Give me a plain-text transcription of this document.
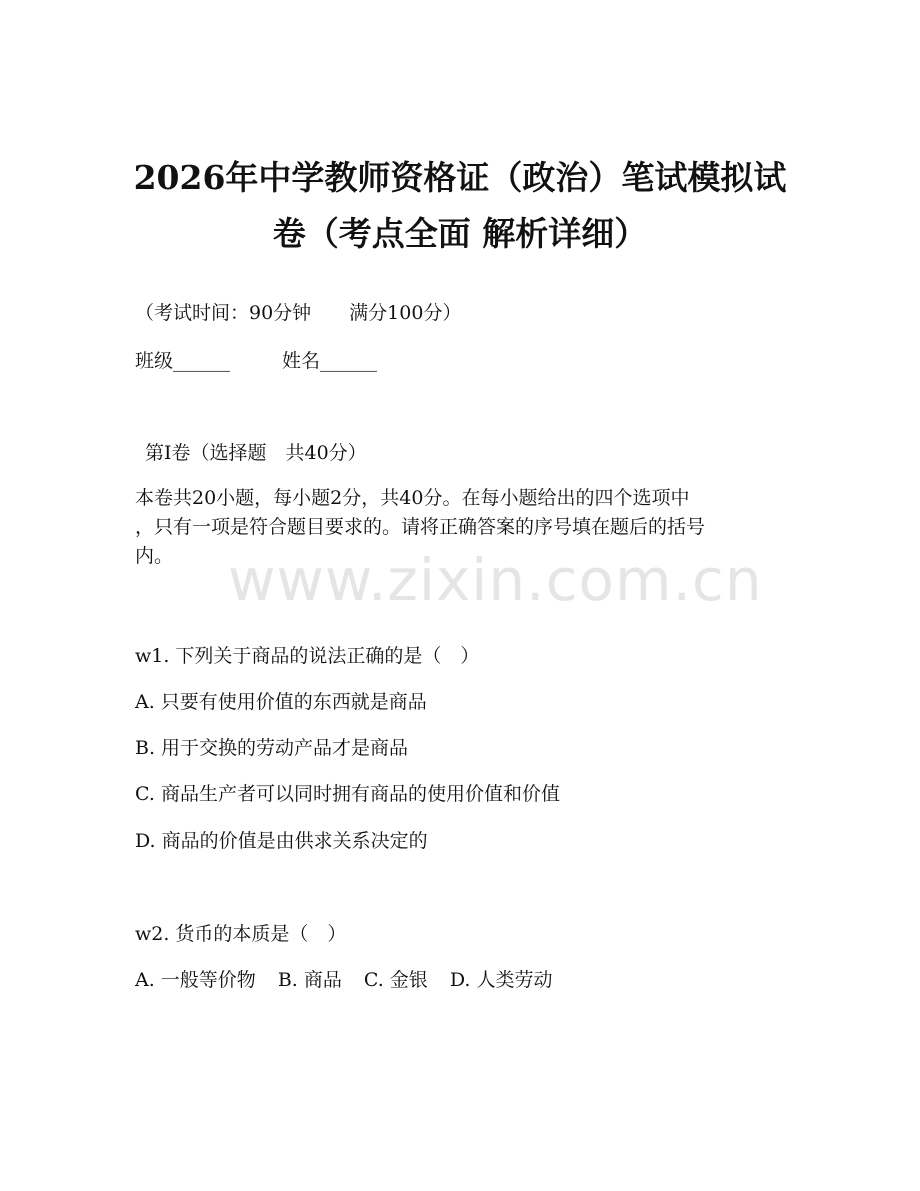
2026年中学教师资格证（政治）笔试模拟试
卷（考点全面 解析详细）

（考试时间：90分钟　　满分100分）

班级______	姓名______

第Ⅰ卷（选择题　共40分）

本卷共20小题，每小题2分，共40分。在每小题给出的四个选项中
，只有一项是符合题目要求的。请将正确答案的序号填在题后的括号
内。 www.zixin.com.cn

w1. 下列关于商品的说法正确的是（　）

A. 只要有使用价值的东西就是商品

B. 用于交换的劳动产品才是商品

C. 商品生产者可以同时拥有商品的使用价值和价值

D. 商品的价值是由供求关系决定的

w2. 货币的本质是（　）

A. 一般等价物 B. 商品 C. 金银 D. 人类劳动
